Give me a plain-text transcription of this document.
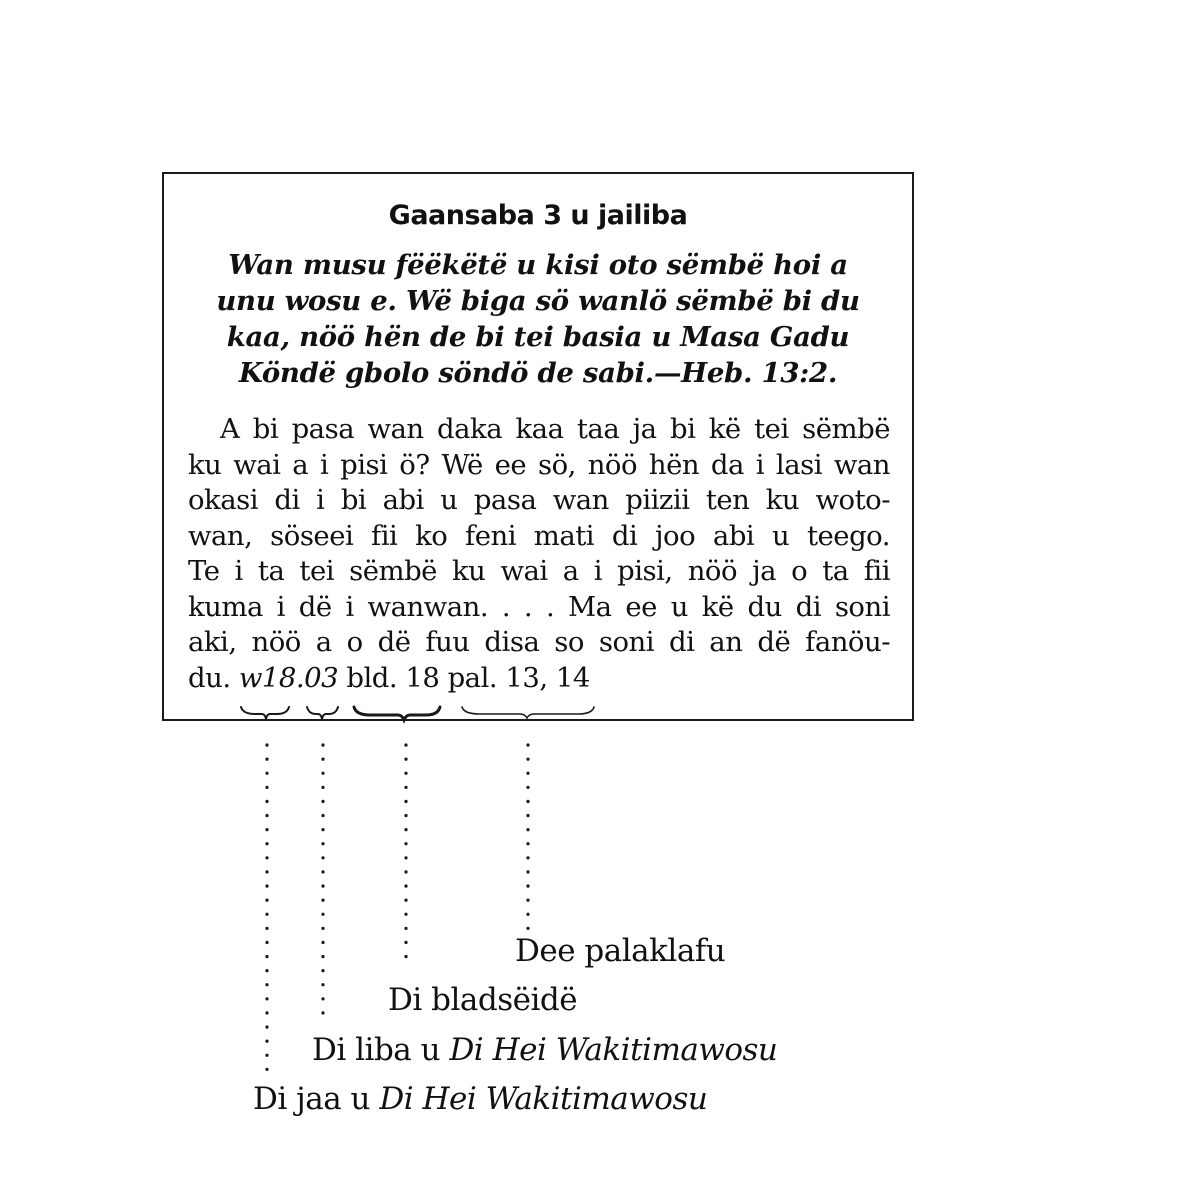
Gaansaba 3 u jailiba
Wan musu fëëkëtë u kisi oto sëmbë hoi a
unu wosu e. Wë biga sö wanlö sëmbë bi du
kaa, nöö hën de bi tei basia u Masa Gadu
Köndë gbolo söndö de sabi.—Heb. 13:2.
A bi pasa wan daka kaa taa ja bi kë tei sëmbë
ku wai a i pisi ö? Wë ee sö, nöö hën da i lasi wan
okasi di i bi abi u pasa wan piizii ten ku woto-
wan, söseei fii ko feni mati di joo abi u teego.
Te i ta tei sëmbë ku wai a i pisi, nöö ja o ta fii
kuma i dë i wanwan. . . . Ma ee u kë du di soni
aki, nöö a o dë fuu disa so soni di an dë fanöu-
du. w18.03 bld. 18 pal. 13, 14
Dee palaklafu
Di bladsëidë
Di liba u Di Hei Wakitimawosu
Di jaa u Di Hei Wakitimawosu
